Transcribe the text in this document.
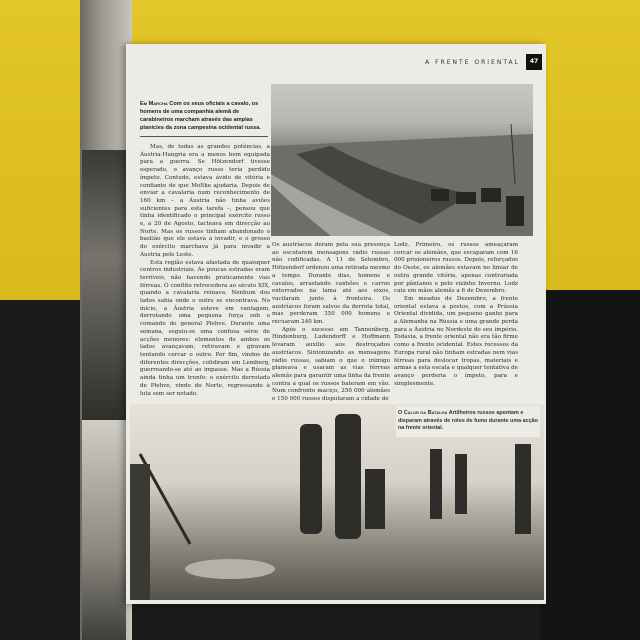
A FRENTE ORIENTAL	47
Em Marcha Com os seus oficiais a cavalo, os homens de uma companhia alemã de carabineiros marcham através das amplas planícies da zona campesina ocidental russa.

Mas, de todas as grandes potências, a Áustria-Hungria era a menos bem equipada para a guerra. Se Hötzendorf tivesse esperado, o avanço russo teria perdido ímpeto. Contudo, estava ávido de vitória e confiante de que Moltke ajudaria. Depois de enviar a cavalaria num reconhecimento de 160 km – a Áustria não tinha aviões suficientes para esta tarefa –, pensou que tinha identificado o principal exército russo e, a 20 de Agosto, tacteava em direcção ao Norte. Mas os russos tinham abandonado o bastião que ele estava a invadir, e o grosso do exército marchava já para invadir a Áustria pelo Leste.

Esta região estava afastada de quaisquer centros industriais. As poucas estradas eram terríveis, não havendo praticamente vias férreas. O conflito retrocedera ao século XIX, quando a cavalaria reinava. Nenhum dos lados sabia onde o outro se encontrava. No início, a Áustria esteve em vantagem, derrotando uma pequena força sob o comando do general Plehve. Durante uma semana, seguiu-se uma confusa série de acções menores: elementos de ambos os lados avançavam, retiravam e giravam tentando cercar o outro. Por fim, vindos de diferentes direcções, colidiram em Lemberg, guerreando-se até ao impasse. Mas a Rússia ainda tinha um trunfo: o exército derrotado de Plehve, vindo do Norte, regressando à luta sem ser notado.

Os austríacos deram pela sua presença ao escutarem mensagens rádio russas não codificadas. A 11 de Setembro, Hötzendorf ordenou uma retirada mesmo a tempo. Durante dias, homens e cavalos, arrastando canhões e carros enterrados na lama até aos eixos, vacilaram junto à fronteira. Os austríacos foram salvos da derrota total, mas perderam 350 000 homens e recuaram 240 km.

Após o sucesso em Tannenberg, Hindenburg, Ludendorff e Hoffmann levaram auxílio aos destroçados austríacos. Sintonizando as mensagens rádio russas, sabiam o que o inimigo planeava e usaram as vias férreas alemãs para garantir uma linha da frente contra a qual os russos bateram em vão. Num confronto maciço, 250 000 alemães e 150 000 russos disputaram a cidade de

Lodz. Primeiro, os russos ameaçaram cercar os alemães, que escaparam com 16 000 prisioneiros russos. Depois, reforçados do Oeste, os alemães estavam no limiar de outra grande vitória, apenas contrariada por pântanos e pelo vizinho Inverno. Lodz caiu em mãos alemãs a 6 de Dezembro.

Em meados de Dezembro, a frente oriental estava a postos, com a Prússia Oriental dividida, um pequeno ganho para a Alemanha na Rússia e uma grande perda para a Áustria no Nordeste do seu império. Todavia, a frente oriental não era tão firme como a frente ocidental. Estes recessos da Europa rural não tinham estradas nem vias férreas para deslocar tropas, materiais e armas a esta escala e qualquer tentativa de avanço perderia o ímpeto, para e simplesmente.

O Calor da Batalha Artilheiros russos apontam e disparam através de rolos de fumo durante uma acção na frente oriental.
